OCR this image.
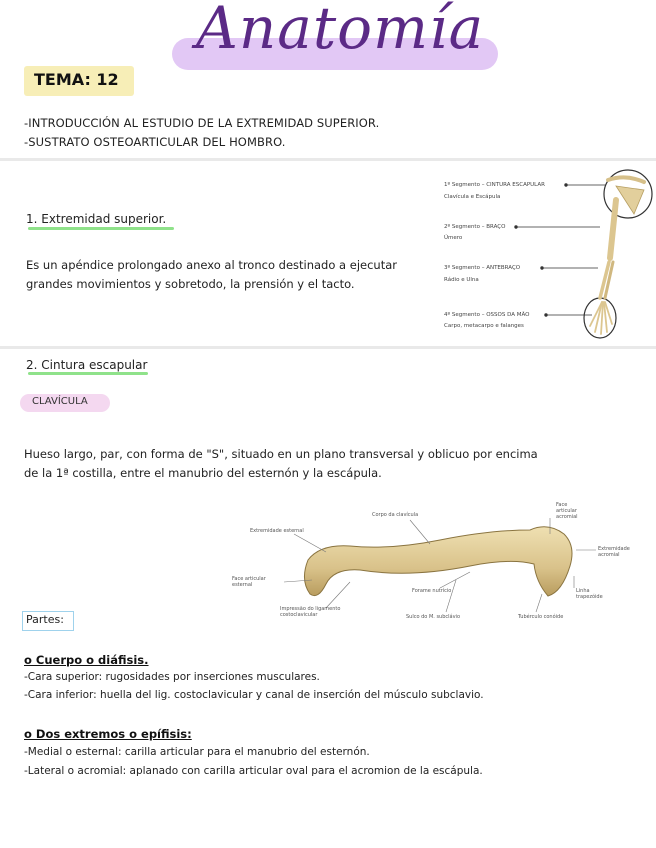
Anatomía
TEMA: 12
-INTRODUCCIÓN AL ESTUDIO DE LA EXTREMIDAD SUPERIOR.
-SUSTRATO OSTEOARTICULAR DEL HOMBRO.
1. Extremidad superior.
Es un apéndice prolongado anexo al tronco destinado a ejecutar grandes movimientos y sobretodo, la prensión y el tacto.
1º Segmento – CINTURA ESCAPULAR
Clavícula e Escápula
2º Segmento – BRAÇO
Úmero
3º Segmento – ANTEBRAÇO
Rádio e Ulna
4º Segmento – OSSOS DA MÃO
Carpo, metacarpo e falanges
2. Cintura escapular
CLAVÍCULA
Hueso largo, par, con forma de "S", situado en un plano transversal y oblicuo por encima de la 1ª costilla, entre el manubrio del esternón y la escápula.
Corpo da clavícula
Extremidade esternal
Face articular acromial
Extremidade acromial
Face articular esternal
Forame nutrício	Linha trapezóide
Impressão do ligamento costoclavicular	Sulco do M. subclávio	Tubérculo conóide
Partes:
o Cuerpo o diáfisis.
-Cara superior: rugosidades por inserciones musculares.
-Cara inferior: huella del lig. costoclavicular y canal de inserción del músculo subclavio.
o Dos extremos o epífisis:
-Medial o esternal: carilla articular para el manubrio del esternón.
-Lateral o acromial: aplanado con carilla articular oval para el acromion de la escápula.
